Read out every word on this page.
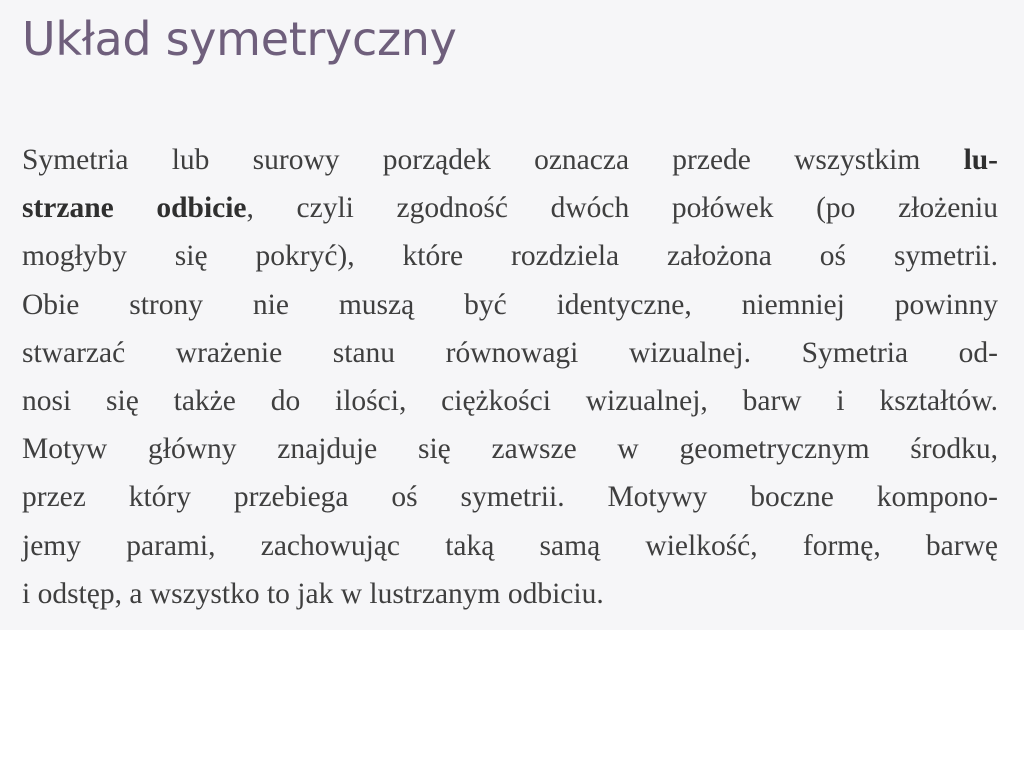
Układ symetryczny

Symetria lub surowy porządek oznacza przede wszystkim lu-
strzane odbicie, czyli zgodność dwóch połówek (po złożeniu
mogłyby się pokryć), które rozdziela założona oś symetrii.
Obie strony nie muszą być identyczne, niemniej powinny
stwarzać wrażenie stanu równowagi wizualnej. Symetria od-
nosi się także do ilości, ciężkości wizualnej, barw i kształtów.
Motyw główny znajduje się zawsze w geometrycznym środku,
przez który przebiega oś symetrii. Motywy boczne kompono-
jemy parami, zachowując taką samą wielkość, formę, barwę
i odstęp, a wszystko to jak w lustrzanym odbiciu.
